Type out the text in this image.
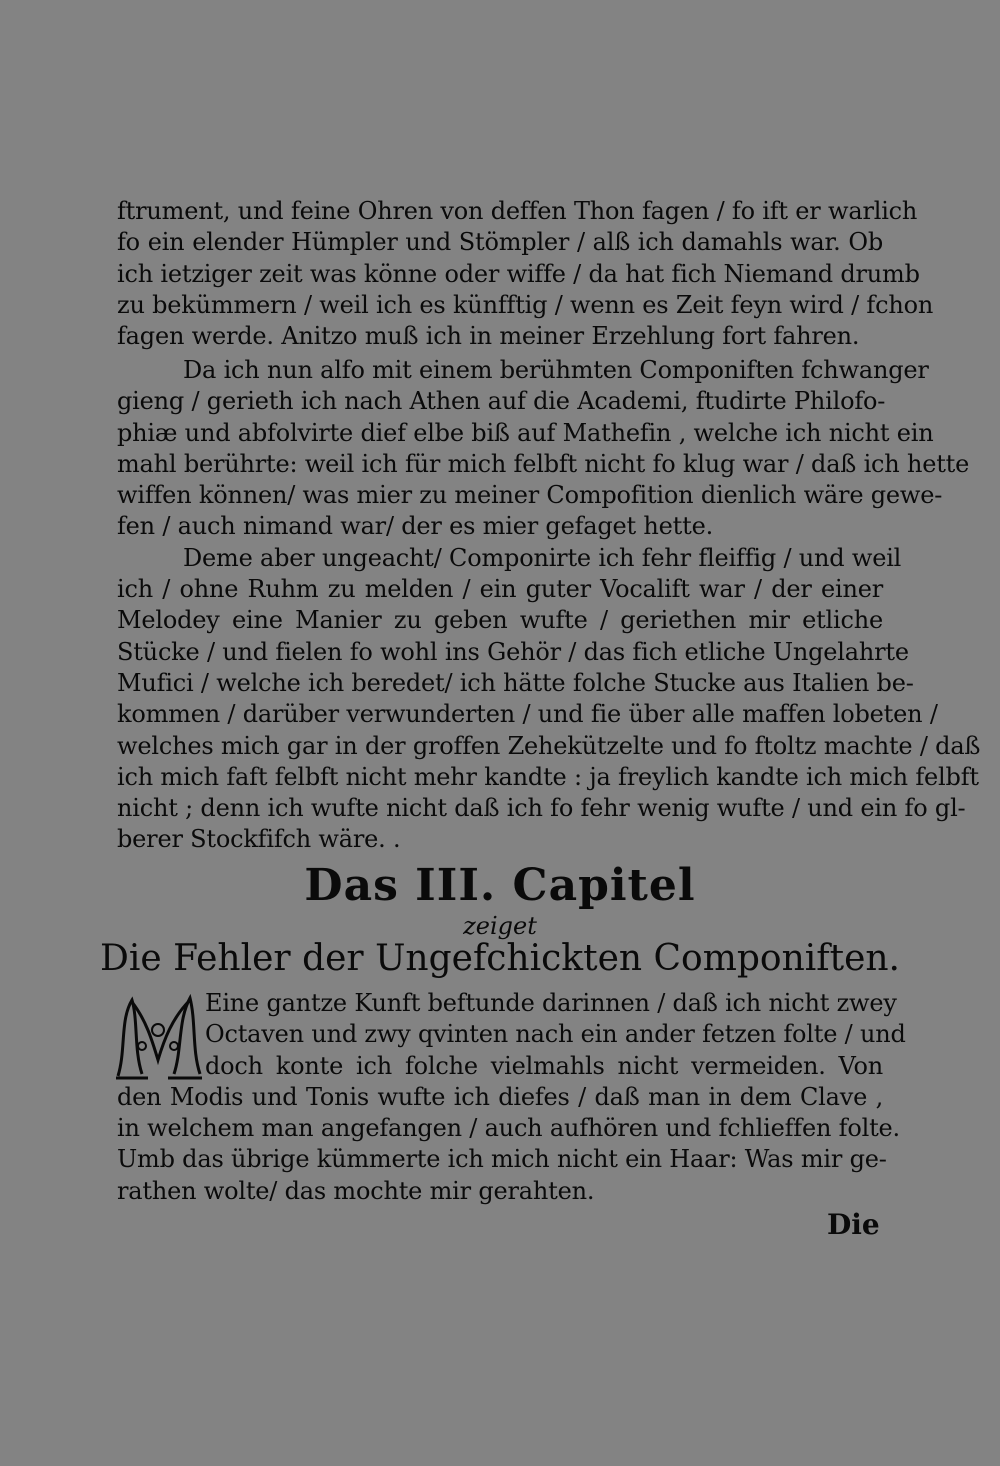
ftrument, und feine Ohren von deffen Thon fagen / fo ift er warlich
fo ein elender Hümpler und Stömpler / alß ich damahls war. Ob
ich ietziger zeit was könne oder wiffe / da hat fich Niemand drumb
zu bekümmern / weil ich es künfftig / wenn es Zeit feyn wird / fchon
fagen werde. Anitzo muß ich in meiner Erzehlung fort fahren.
Da ich nun alfo mit einem berühmten Componiften fchwanger
gieng / gerieth ich nach Athen auf die Academi, ftudirte Philofo-
phiæ und abfolvirte dief elbe biß auf Mathefin , welche ich nicht ein
mahl berührte: weil ich für mich felbft nicht fo klug war / daß ich hette
wiffen können/ was mier zu meiner Compofition dienlich wäre gewe-
fen / auch nimand war/ der es mier gefaget hette.
Deme aber ungeacht/ Componirte ich fehr fleiffig / und weil
ich / ohne Ruhm zu melden / ein guter Vocalift war / der einer
Melodey eine Manier zu geben wufte / geriethen mir etliche
Stücke / und fielen fo wohl ins Gehör / das fich etliche Ungelahrte
Mufici / welche ich beredet/ ich hätte folche Stucke aus Italien be-
kommen / darüber verwunderten / und fie über alle maffen lobeten /
welches mich gar in der groffen Zehekützelte und fo ftoltz machte / daß
ich mich faft felbft nicht mehr kandte : ja freylich kandte ich mich felbft
nicht ; denn ich wufte nicht daß ich fo fehr wenig wufte / und ein fo gl-
berer Stockfifch wäre. .
Das III. Capitel
zeiget
Die Fehler der Ungefchickten Componiften.
Eine gantze Kunft beftunde darinnen / daß ich nicht zwey
Octaven und zwy qvinten nach ein ander fetzen folte / und
doch konte ich folche vielmahls nicht vermeiden. Von
den Modis und Tonis wufte ich diefes / daß man in dem Clave ,
in welchem man angefangen / auch aufhören und fchlieffen folte.
Umb das übrige kümmerte ich mich nicht ein Haar: Was mir ge-
rathen wolte/ das mochte mir gerahten.
Die
